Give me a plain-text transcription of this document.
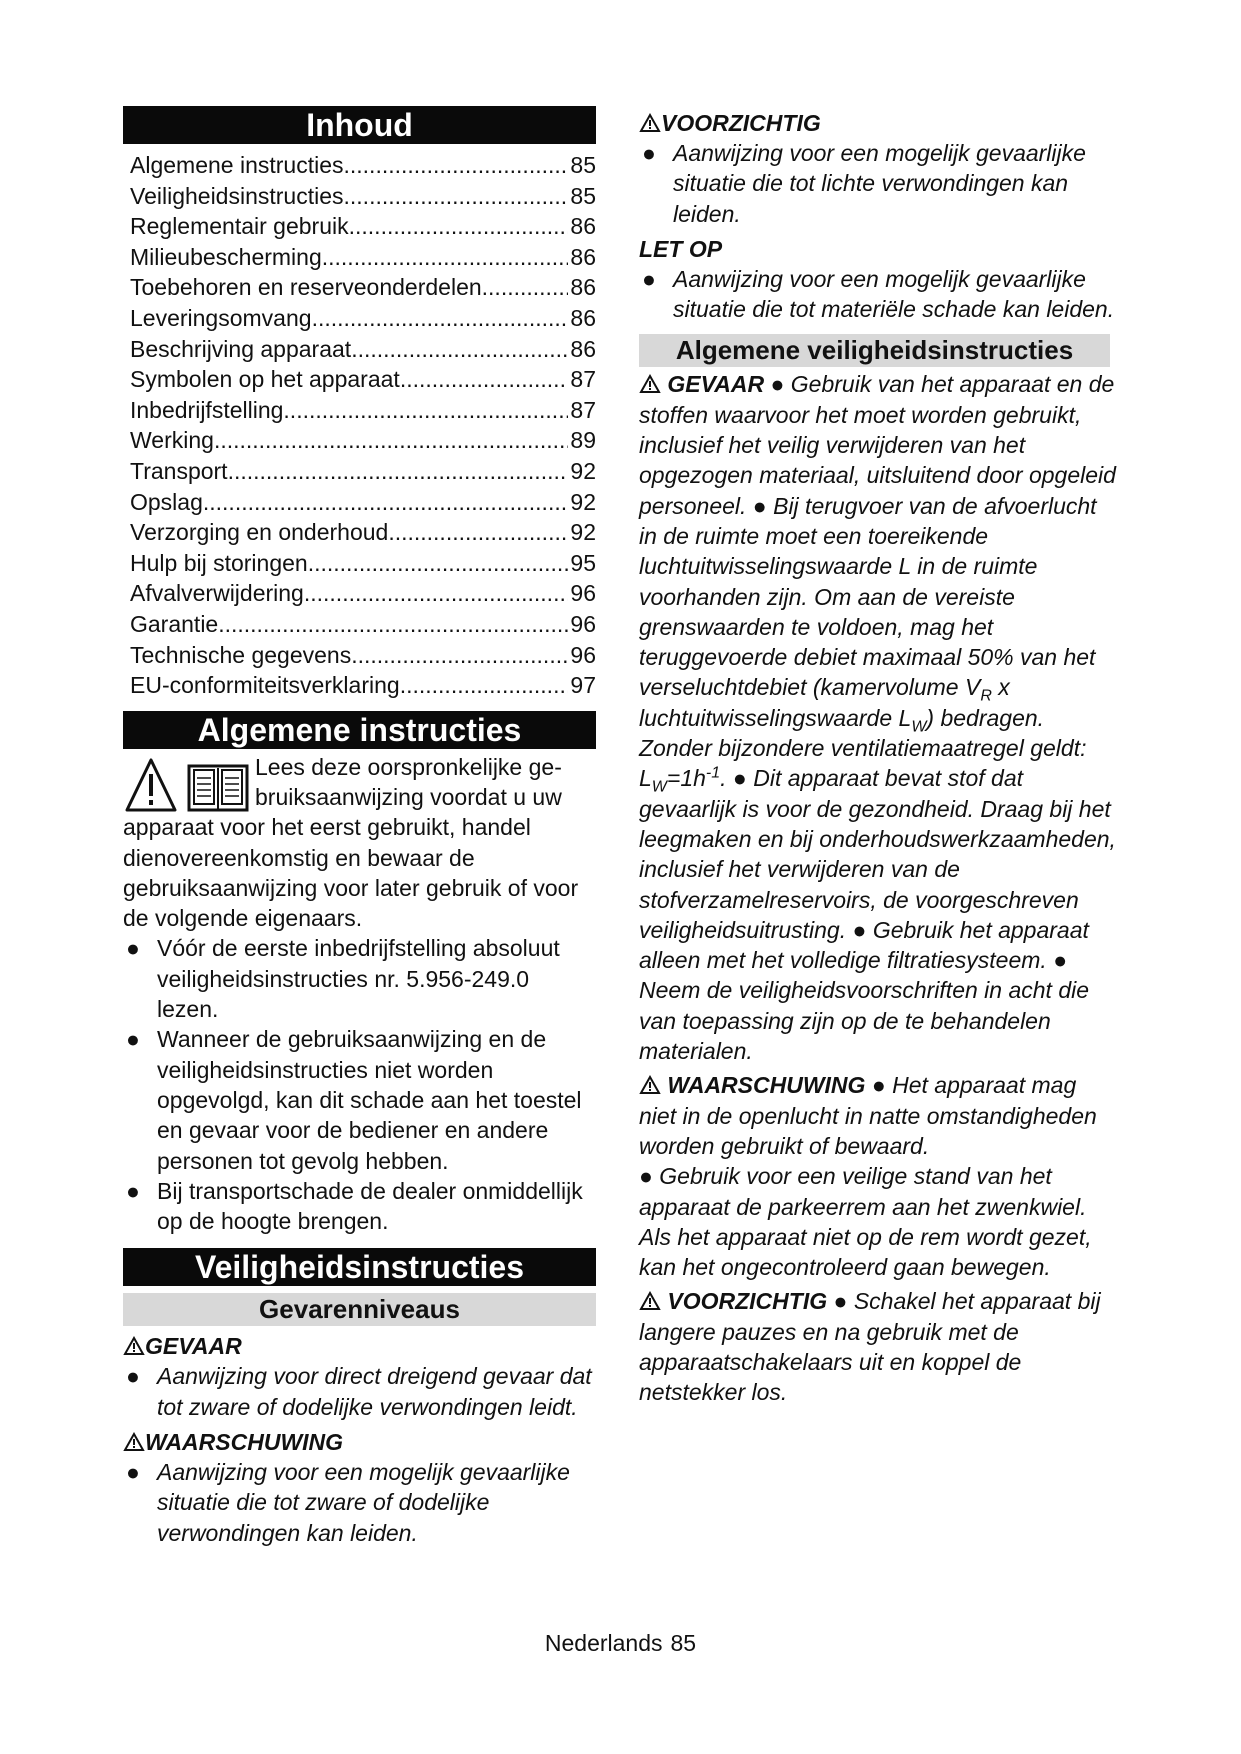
Inhoud
Algemene instructies .....	85
Veiligheidsinstructies .....	85
Reglementair gebruik .....	86
Milieubescherming .....	86
Toebehoren en reserveonderdelen .....	86
Leveringsomvang .....	86
Beschrijving apparaat .....	86
Symbolen op het apparaat .....	87
Inbedrijfstelling .....	87
Werking .....	89
Transport .....	92
Opslag .....	92
Verzorging en onderhoud .....	92
Hulp bij storingen .....	95
Afvalverwijdering .....	96
Garantie .....	96
Technische gegevens .....	96
EU-conformiteitsverklaring .....	97
Algemene instructies
Lees deze oorspronkelijke ge-
bruiksaanwijzing voordat u uw
apparaat voor het eerst gebruikt, handel dienovereenkomstig en bewaar de gebruiksaanwijzing voor later gebruik of voor de volgende eigenaars.
● Vóór de eerste inbedrijfstelling absoluut veiligheidsinstructies nr. 5.956-249.0 lezen.
● Wanneer de gebruiksaanwijzing en de veiligheidsinstructies niet worden opgevolgd, kan dit schade aan het toestel en gevaar voor de bediener en andere personen tot gevolg hebben.
● Bij transportschade de dealer onmiddellijk op de hoogte brengen.
Veiligheidsinstructies
Gevarenniveaus
GEVAAR
● Aanwijzing voor direct dreigend gevaar dat tot zware of dodelijke verwondingen leidt.
WAARSCHUWING
● Aanwijzing voor een mogelijk gevaarlijke situatie die tot zware of dodelijke verwondingen kan leiden.
VOORZICHTIG
● Aanwijzing voor een mogelijk gevaarlijke situatie die tot lichte verwondingen kan leiden.
LET OP
● Aanwijzing voor een mogelijk gevaarlijke situatie die tot materiële schade kan leiden.
Algemene veiligheidsinstructies
GEVAAR ● Gebruik van het apparaat en de stoffen waarvoor het moet worden gebruikt, inclusief het veilig verwijderen van het opgezogen materiaal, uitsluitend door opgeleid personeel. ● Bij terugvoer van de afvoerlucht in de ruimte moet een toereikende luchtuitwisselingswaarde L in de ruimte voorhanden zijn. Om aan de vereiste grenswaarden te voldoen, mag het teruggevoerde debiet maximaal 50% van het verseluchtdebiet (kamervolume $V_R$ x luchtuitwisselingswaarde $L_W$) bedragen. Zonder bijzondere ventilatiemaatregel geldt: $L_W=1h^{-1}$. ● Dit apparaat bevat stof dat gevaarlijk is voor de gezondheid. Draag bij het leegmaken en bij onderhoudswerkzaamheden, inclusief het verwijderen van de stofverzamelreservoirs, de voorgeschreven veiligheidsuitrusting. ● Gebruik het apparaat alleen met het volledige filtratiesysteem. ● Neem de veiligheidsvoorschriften in acht die van toepassing zijn op de te behandelen materialen.
WAARSCHUWING ● Het apparaat mag niet in de openlucht in natte omstandigheden worden gebruikt of bewaard.
● Gebruik voor een veilige stand van het apparaat de parkeerrem aan het zwenkwiel. Als het apparaat niet op de rem wordt gezet, kan het ongecontroleerd gaan bewegen.
VOORZICHTIG ● Schakel het apparaat bij langere pauzes en na gebruik met de apparaatschakelaars uit en koppel de netstekker los.
Nederlands 85
